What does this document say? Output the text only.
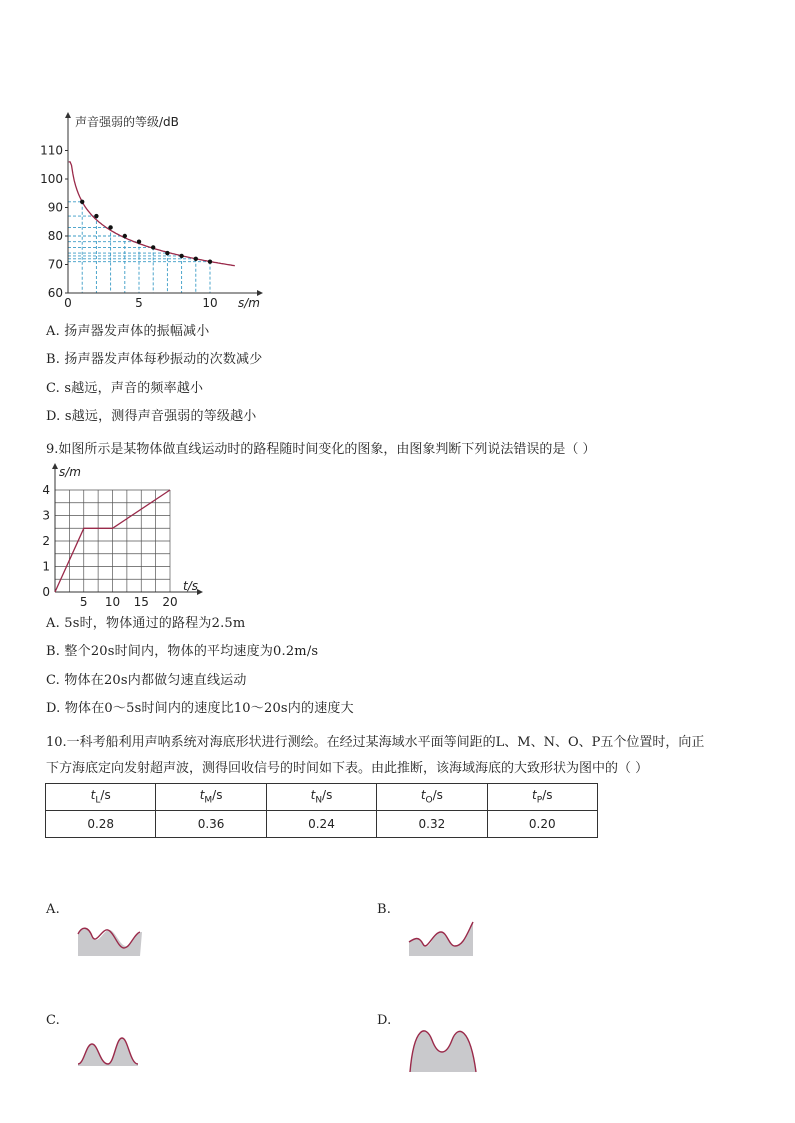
60
70
80
90
100
110
0	5	10
声音强弱的等级/dB
s/m
A. 扬声器发声体的振幅减小
B. 扬声器发声体每秒振动的次数减少
C. s越远，声音的频率越小
D. s越远，测得声音强弱的等级越小
9.如图所示是某物体做直线运动时的路程随时间变化的图象，由图象判断下列说法错误的是（ ）
0
1
2
3
4
5 10 15 20
s/m
t/s
A. 5s时，物体通过的路程为2.5m
B. 整个20s时间内，物体的平均速度为0.2m/s
C. 物体在20s内都做匀速直线运动
D. 物体在0～5s时间内的速度比10～20s内的速度大
10.一科考船利用声呐系统对海底形状进行测绘。在经过某海域水平面等间距的L、M、N、O、P五个位置时，向正
下方海底定向发射超声波，测得回收信号的时间如下表。由此推断，该海域海底的大致形状为图中的（ ）
$t_L/s$	$t_M/s$	$t_N/s$	$t_O/s$	$t_P/s$
0.28	0.36	0.24	0.32	0.20
A.	B.
C.	D.
